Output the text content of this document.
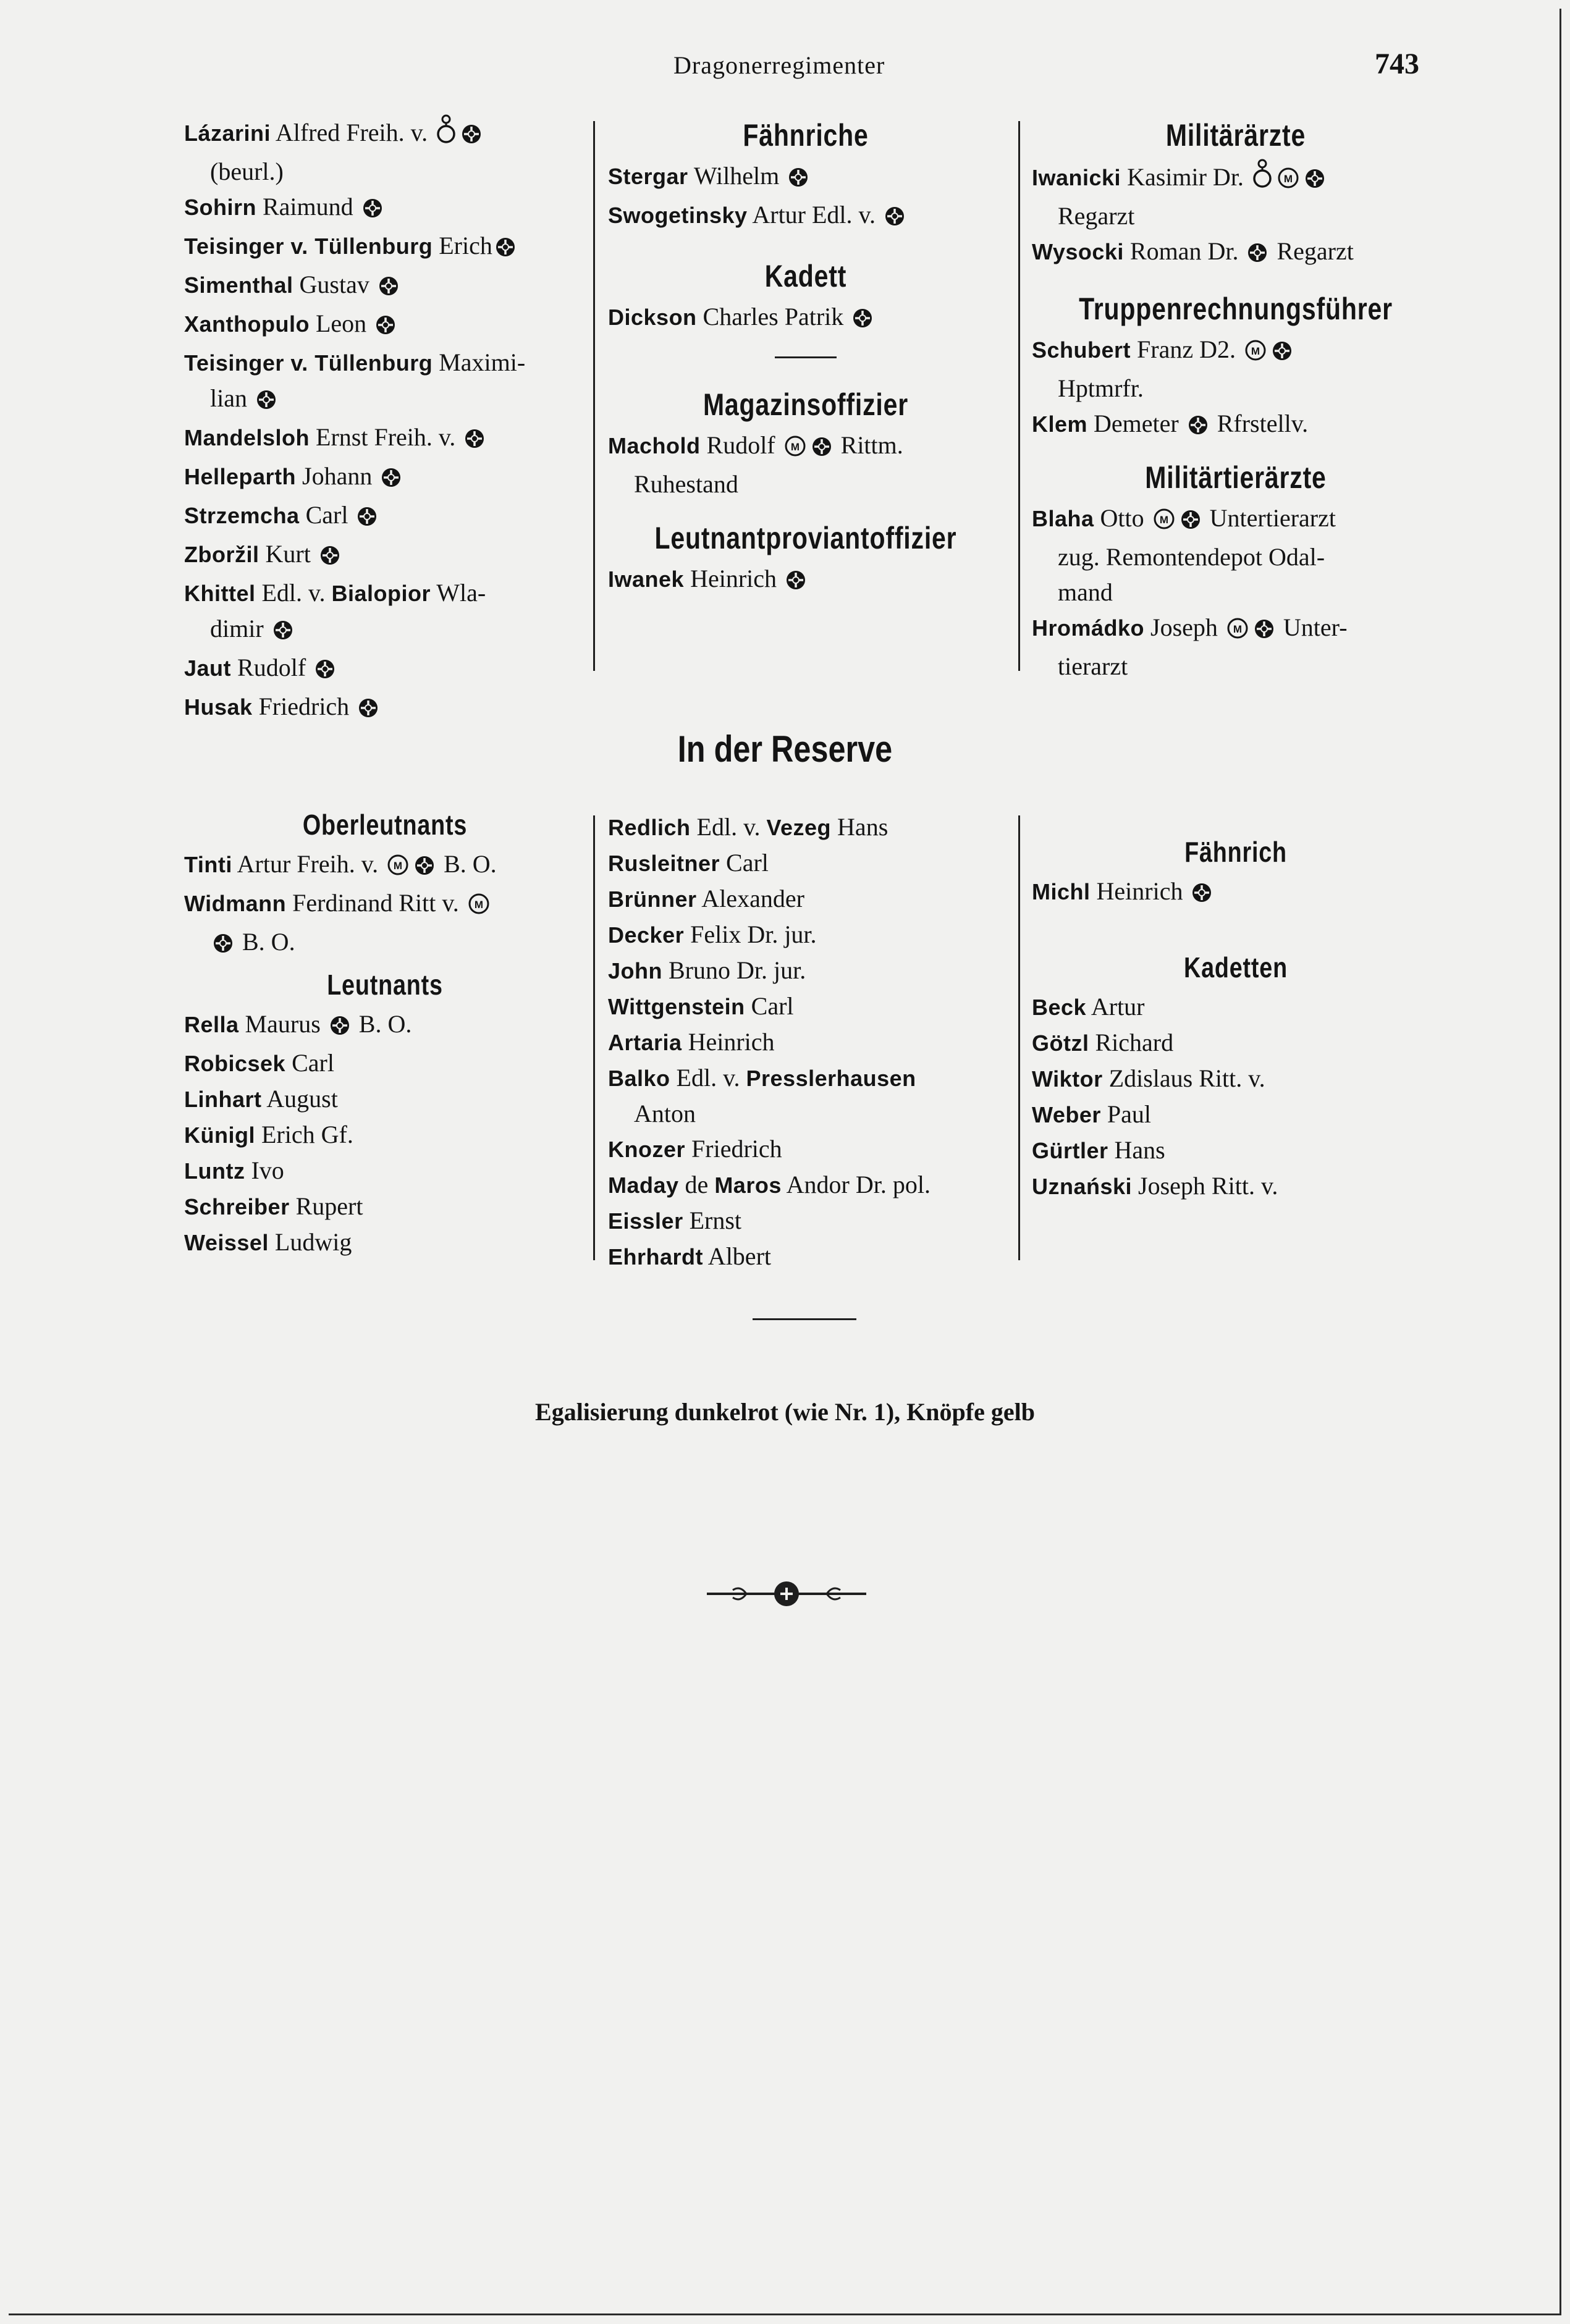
Dragonerregimenter	743

Lázarini Alfred Freih. v.

(beurl.)

Sohirn Raimund

Teisinger v. Tüllenburg Erich

Simenthal Gustav

Xanthopulo Leon

Teisinger v. Tüllenburg Maximi-

lian

Mandelsloh Ernst Freih. v.

Helleparth Johann

Strzemcha Carl

Zboržil Kurt

Khittel Edl. v. Bialopior Wla-

dimir

Jaut Rudolf

Husak Friedrich

Fähnriche

Stergar Wilhelm

Swogetinsky Artur Edl. v.

Kadett

Dickson Charles Patrik

Magazinsoffizier

Machold Rudolf M Rittm.

Ruhestand

Leutnantproviantoffizier

Iwanek Heinrich

Militärärzte

Iwanicki Kasimir Dr.	M

Regarzt

Wysocki Roman Dr.  Regarzt

Truppenrechnungsführer

Schubert Franz D2. M

Hptmrfr.

Klem Demeter  Rfrstellv.

Militärtierärzte

Blaha Otto M Untertierarzt

zug. Remontendepot Odal-

mand

Hromádko Joseph M Unter-

tierarzt

In der Reserve
Oberleutnants

Tinti Artur Freih. v. M B. O.

Widmann Ferdinand Ritt v. M

B. O.

Leutnants

Rella Maurus  B. O.

Robicsek Carl

Linhart August

Künigl Erich Gf.

Luntz Ivo

Schreiber Rupert

Weissel Ludwig

Redlich Edl. v. Vezeg Hans

Rusleitner Carl

Brünner Alexander

Decker Felix Dr. jur.

John Bruno Dr. jur.

Wittgenstein Carl

Artaria Heinrich

Balko Edl. v. Presslerhausen

Anton

Knozer Friedrich

Maday de Maros Andor Dr. pol.

Eissler Ernst

Ehrhardt Albert

Fähnrich

Michl Heinrich

Kadetten

Beck Artur

Götzl Richard

Wiktor Zdislaus Ritt. v.

Weber Paul

Gürtler Hans

Uznański Joseph Ritt. v.

Egalisierung dunkelrot (wie Nr. 1), Knöpfe gelb
